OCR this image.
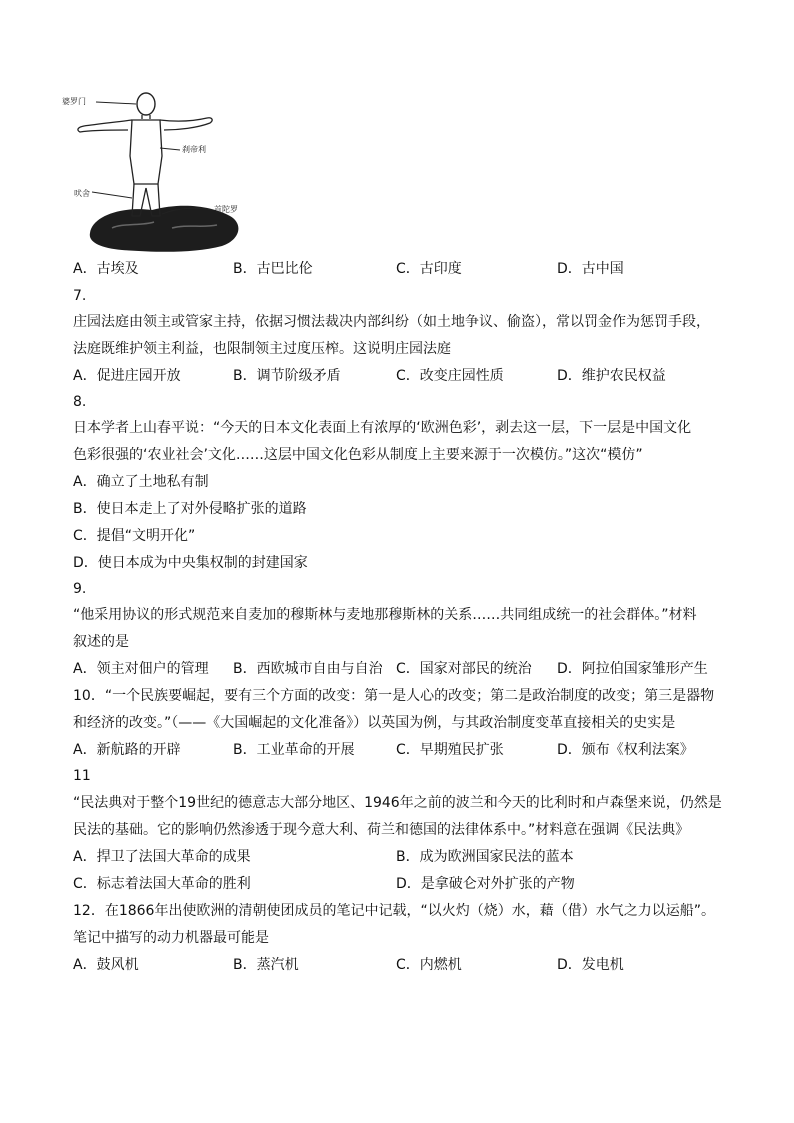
婆罗门
刹帝利
吠舍
首陀罗
A．古埃及	B．古巴比伦	C．古印度	D．古中国
7.
庄园法庭由领主或管家主持，依据习惯法裁决内部纠纷（如土地争议、偷盗），常以罚金作为惩罚手段，
法庭既维护领主利益，也限制领主过度压榨。这说明庄园法庭
A．促进庄园开放	B．调节阶级矛盾	C．改变庄园性质	D．维护农民权益
8.
日本学者上山春平说：“今天的日本文化表面上有浓厚的‘欧洲色彩’，剥去这一层，下一层是中国文化
色彩很强的‘农业社会’文化……这层中国文化色彩从制度上主要来源于一次模仿。”这次“模仿”
A．确立了土地私有制
B．使日本走上了对外侵略扩张的道路
C．提倡“文明开化”
D．使日本成为中央集权制的封建国家
9.
“他采用协议的形式规范来自麦加的穆斯林与麦地那穆斯林的关系……共同组成统一的社会群体。”材料
叙述的是
A．领主对佃户的管理 B．西欧城市自由与自治 C．国家对部民的统治 D．阿拉伯国家雏形产生
10．“一个民族要崛起，要有三个方面的改变：第一是人心的改变；第二是政治制度的改变；第三是器物
和经济的改变。”（——《大国崛起的文化准备》）以英国为例，与其政治制度变革直接相关的史实是
A．新航路的开辟	B．工业革命的开展	C．早期殖民扩张	D．颁布《权利法案》
11
“民法典对于整个19世纪的德意志大部分地区、1946年之前的波兰和今天的比利时和卢森堡来说，仍然是
民法的基础。它的影响仍然渗透于现今意大利、荷兰和德国的法律体系中。”材料意在强调《民法典》
A．捍卫了法国大革命的成果	B．成为欧洲国家民法的蓝本
C．标志着法国大革命的胜利	D．是拿破仑对外扩张的产物
12．在1866年出使欧洲的清朝使团成员的笔记中记载，“以火灼（烧）水，藉（借）水气之力以运船”。
笔记中描写的动力机器最可能是
A．鼓风机	B．蒸汽机	C．内燃机	D．发电机
